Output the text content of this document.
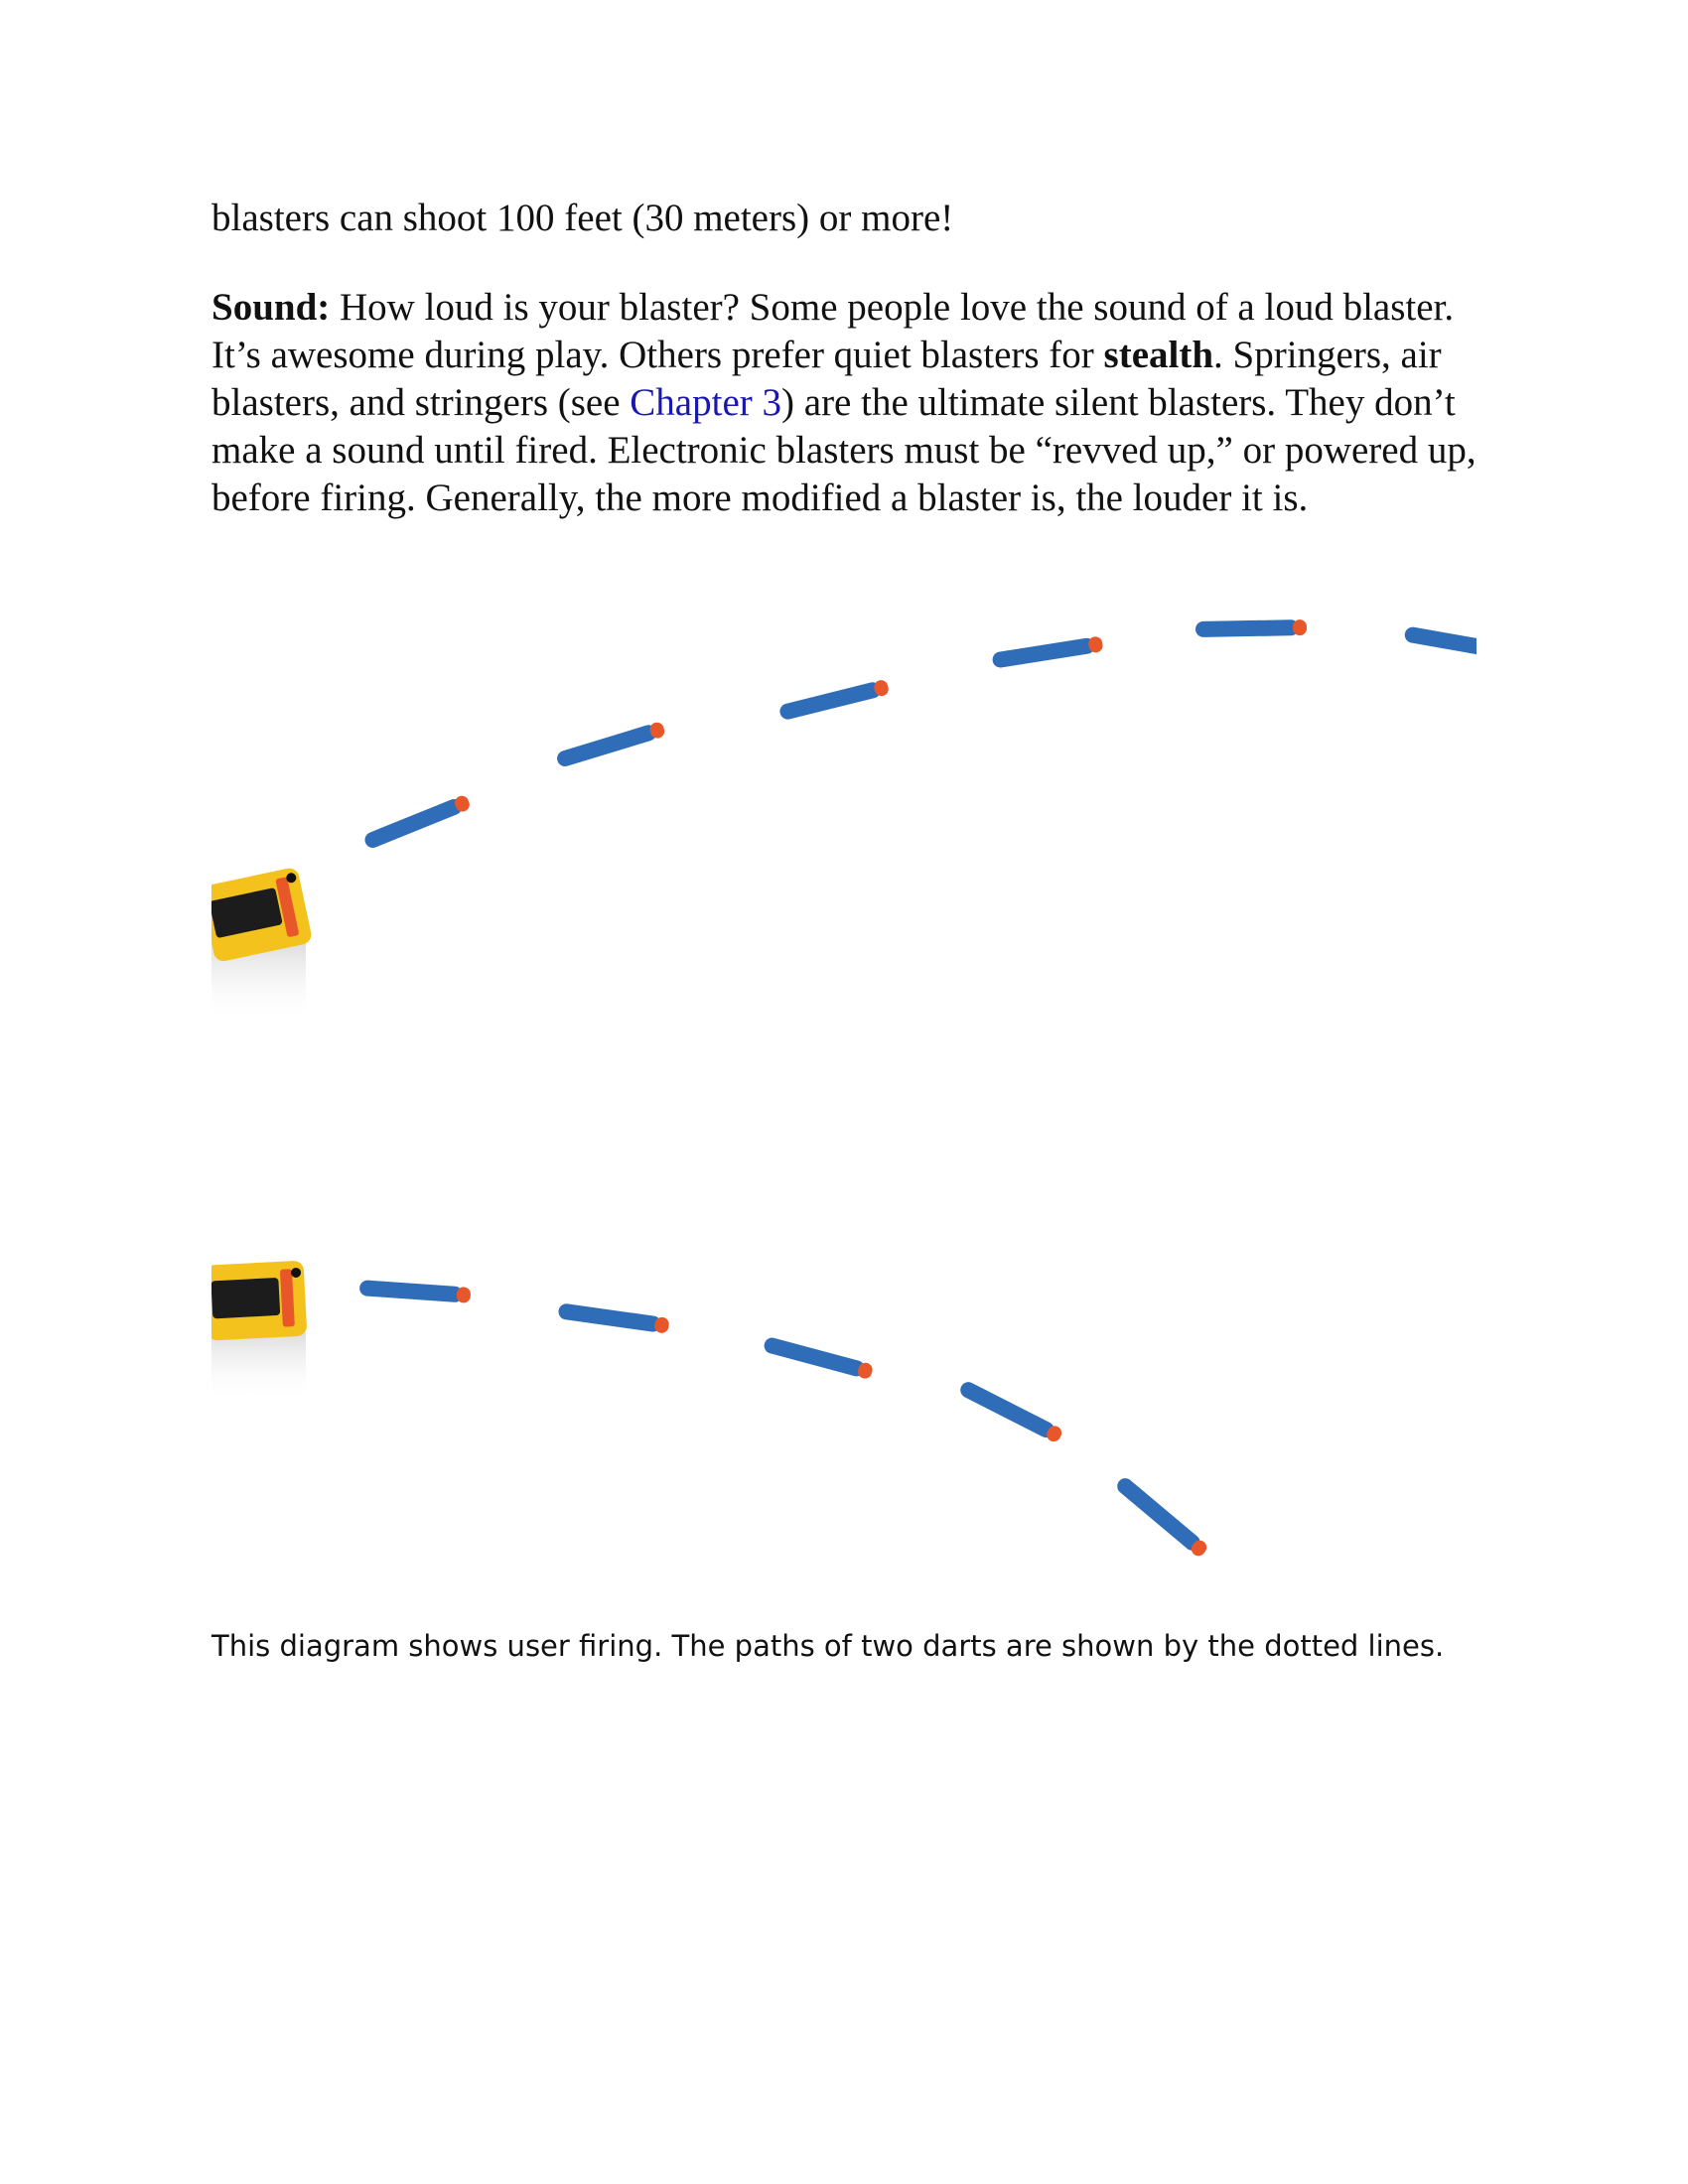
blasters can shoot 100 feet (30 meters) or more!

Sound: How loud is your blaster? Some people love the sound of a loud blaster. It’s awesome during play. Others prefer quiet blasters for stealth. Springers, air blasters, and stringers (see Chapter 3) are the ultimate silent blasters. They don’t make a sound until fired. Electronic blasters must be “revved up,” or powered up, before firing. Generally, the more modified a blaster is, the louder it is.

This diagram shows user firing. The paths of two darts are shown by the dotted lines.
